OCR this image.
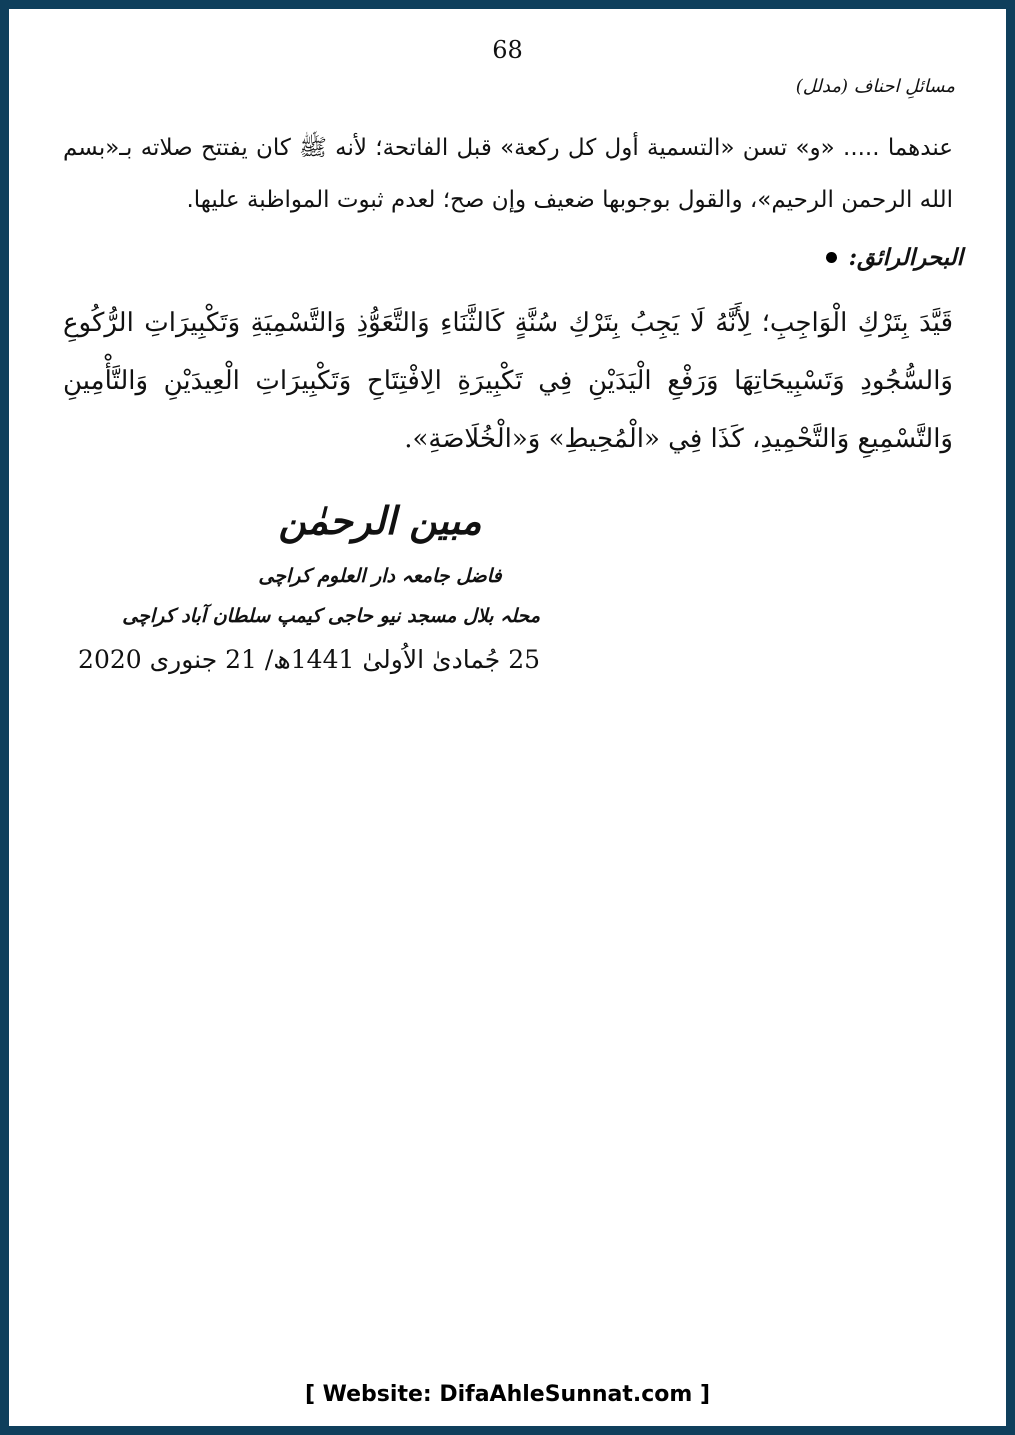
68
مسائلِ احناف (مدلل)
عندهما ..... «و» تسن «التسمية أول كل ركعة» قبل الفاتحة؛ لأنه ﷺ كان يفتتح صلاته بـ«بسم الله الرحمن الرحيم»، والقول بوجوبها ضعيف وإن صح؛ لعدم ثبوت المواظبة عليها.
البحرالرائق:
قَيَّدَ بِتَرْكِ الْوَاجِبِ؛ لِأَنَّهُ لَا يَجِبُ بِتَرْكِ سُنَّةٍ كَالثَّنَاءِ وَالتَّعَوُّذِ وَالتَّسْمِيَةِ وَتَكْبِيرَاتِ الرُّكُوعِ وَالسُّجُودِ وَتَسْبِيحَاتِهَا وَرَفْعِ الْيَدَيْنِ فِي تَكْبِيرَةِ الِافْتِتَاحِ وَتَكْبِيرَاتِ الْعِيدَيْنِ وَالتَّأْمِينِ وَالتَّسْمِيعِ وَالتَّحْمِيدِ، كَذَا فِي «الْمُحِيطِ» وَ«الْخُلَاصَةِ».
مبین الرحمٰن
فاضل جامعہ دار العلوم کراچی
محلہ بلال مسجد نیو حاجی کیمپ سلطان آباد کراچی
25 جُمادیٰ الاُولیٰ 1441ھ/ 21 جنوری 2020
[ Website: DifaAhleSunnat.com ]
